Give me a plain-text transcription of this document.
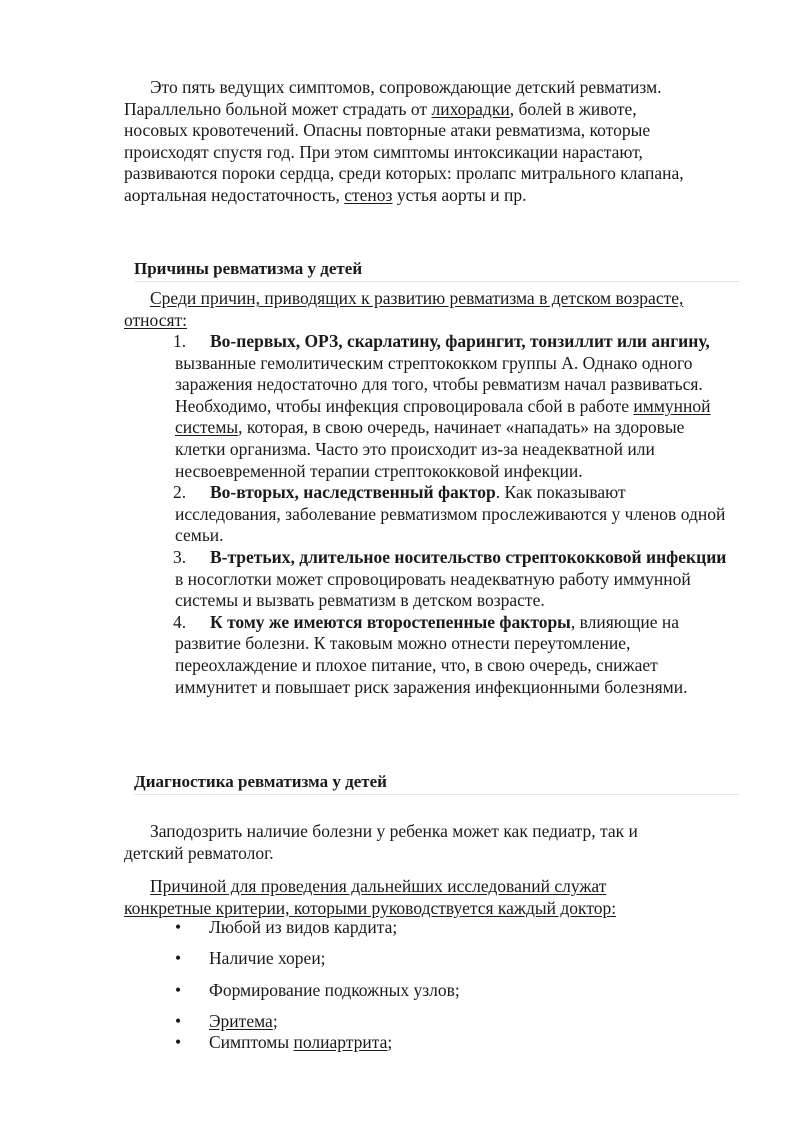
Это пять ведущих симптомов, сопровождающие детский ревматизм.
Параллельно больной может страдать от лихорадки, болей в животе,
носовых кровотечений. Опасны повторные атаки ревматизма, которые
происходят спустя год. При этом симптомы интоксикации нарастают,
развиваются пороки сердца, среди которых: пролапс митрального клапана,
аортальная недостаточность, стеноз устья аорты и пр.

Причины ревматизма у детей

Среди причин, приводящих к развитию ревматизма в детском возрасте,
относят:

1. Во-первых, ОРЗ, скарлатину, фарингит, тонзиллит или ангину, вызванные гемолитическим стрептококком группы А. Однако одного заражения недостаточно для того, чтобы ревматизм начал развиваться. Необходимо, чтобы инфекция спровоцировала сбой в работе иммунной системы, которая, в свою очередь, начинает «нападать» на здоровые клетки организма. Часто это происходит из-за неадекватной или несвоевременной терапии стрептококковой инфекции.
2. Во-вторых, наследственный фактор. Как показывают исследования, заболевание ревматизмом прослеживаются у членов одной семьи.
3. В-третьих, длительное носительство стрептококковой инфекции в носоглотки может спровоцировать неадекватную работу иммунной системы и вызвать ревматизм в детском возрасте.
4. К тому же имеются второстепенные факторы, влияющие на развитие болезни. К таковым можно отнести переутомление, переохлаждение и плохое питание, что, в свою очередь, снижает иммунитет и повышает риск заражения инфекционными болезнями.
Диагностика ревматизма у детей

Заподозрить наличие болезни у ребенка может как педиатр, так и
детский ревматолог.

Причиной для проведения дальнейших исследований служат
конкретные критерии, которыми руководствуется каждый доктор:

• Любой из видов кардита;
• Наличие хореи;
• Формирование подкожных узлов;
• Эритема;
• Симптомы полиартрита;
